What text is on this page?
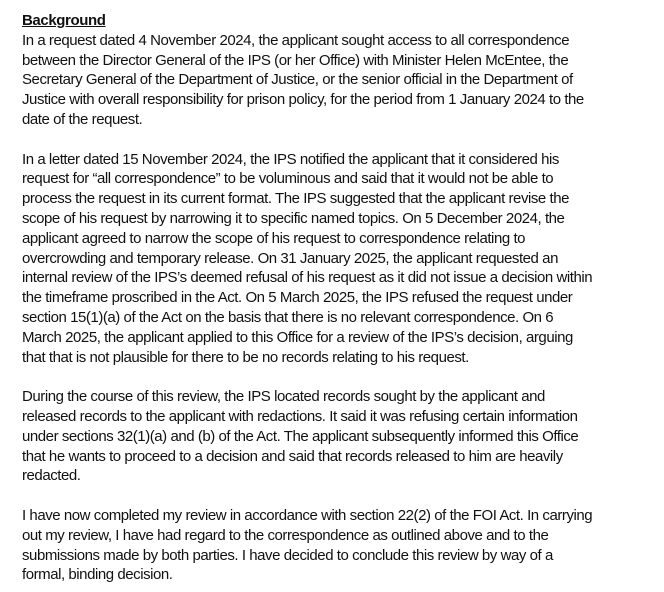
Background
In a request dated 4 November 2024, the applicant sought access to all correspondence
between the Director General of the IPS (or her Office) with Minister Helen McEntee, the
Secretary General of the Department of Justice, or the senior official in the Department of
Justice with overall responsibility for prison policy, for the period from 1 January 2024 to the
date of the request.
In a letter dated 15 November 2024, the IPS notified the applicant that it considered his
request for “all correspondence” to be voluminous and said that it would not be able to
process the request in its current format. The IPS suggested that the applicant revise the
scope of his request by narrowing it to specific named topics. On 5 December 2024, the
applicant agreed to narrow the scope of his request to correspondence relating to
overcrowding and temporary release. On 31 January 2025, the applicant requested an
internal review of the IPS’s deemed refusal of his request as it did not issue a decision within
the timeframe proscribed in the Act. On 5 March 2025, the IPS refused the request under
section 15(1)(a) of the Act on the basis that there is no relevant correspondence. On 6
March 2025, the applicant applied to this Office for a review of the IPS’s decision, arguing
that that is not plausible for there to be no records relating to his request.
During the course of this review, the IPS located records sought by the applicant and
released records to the applicant with redactions. It said it was refusing certain information
under sections 32(1)(a) and (b) of the Act. The applicant subsequently informed this Office
that he wants to proceed to a decision and said that records released to him are heavily
redacted.
I have now completed my review in accordance with section 22(2) of the FOI Act. In carrying
out my review, I have had regard to the correspondence as outlined above and to the
submissions made by both parties. I have decided to conclude this review by way of a
formal, binding decision.
